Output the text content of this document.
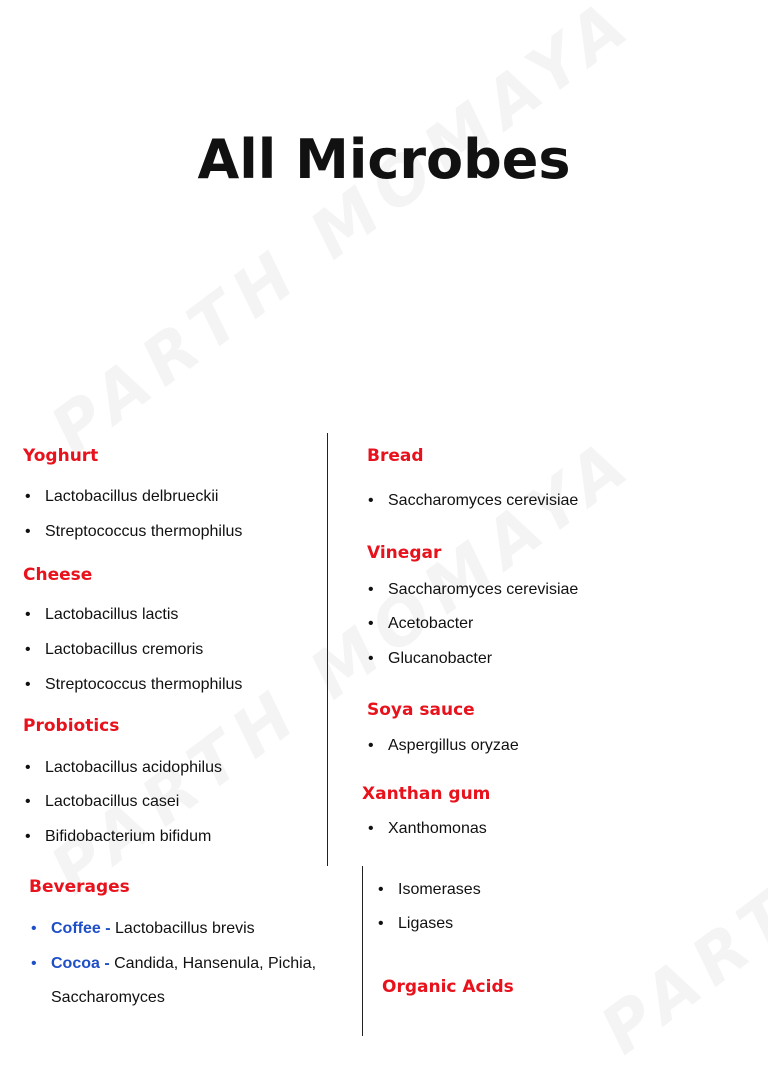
All Microbes
Yoghurt
• Lactobacillus delbrueckii
• Streptococcus thermophilus
Cheese
• Lactobacillus lactis
• Lactobacillus cremoris
• Streptococcus thermophilus
Probiotics
• Lactobacillus acidophilus
• Lactobacillus casei
• Bifidobacterium bifidum
Beverages
• Coffee - Lactobacillus brevis
• Cocoa - Candida, Hansenula, Pichia,
Saccharomyces
Bread
• Saccharomyces cerevisiae
Vinegar
• Saccharomyces cerevisiae
• Acetobacter
• Glucanobacter
Soya sauce
• Aspergillus oryzae
Xanthan gum
• Xanthomonas
• Isomerases
• Ligases
Organic Acids
